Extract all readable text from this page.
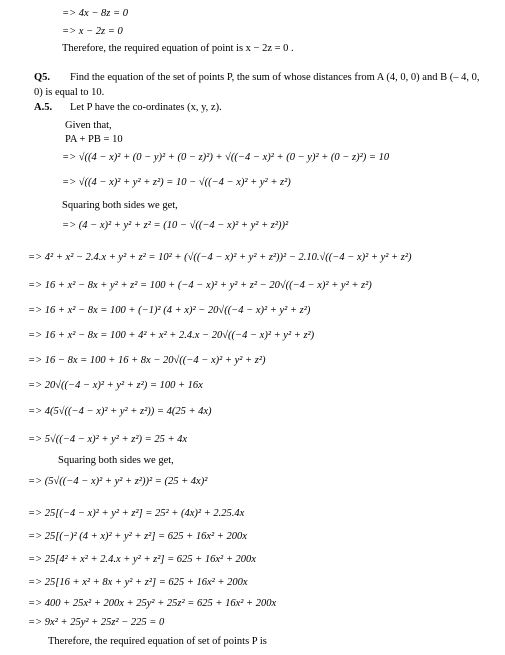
=> 4x − 8z = 0
=> x − 2z = 0
Therefore, the required equation of point is x − 2z = 0 .
Q5. Find the equation of the set of points P, the sum of whose distances from A (4, 0, 0) and B (– 4, 0,
0) is equal to 10.
A.5. Let P have the co-ordinates (x, y, z).
Given that,
PA + PB = 10
=> √((4 − x)² + (0 − y)² + (0 − z)²) + √((−4 − x)² + (0 − y)² + (0 − z)²) = 10
=> √((4 − x)² + y² + z²) = 10 − √((−4 − x)² + y² + z²)
Squaring both sides we get,
=> (4 − x)² + y² + z² = (10 − √((−4 − x)² + y² + z²))²
=> 4² + x² − 2.4.x + y² + z² = 10² + (√((−4 − x)² + y² + z²))² − 2.10.√((−4 − x)² + y² + z²)
=> 16 + x² − 8x + y² + z² = 100 + (−4 − x)² + y² + z² − 20√((−4 − x)² + y² + z²)
=> 16 + x² − 8x = 100 + (−1)² (4 + x)² − 20√((−4 − x)² + y² + z²)
=> 16 + x² − 8x = 100 + 4² + x² + 2.4.x − 20√((−4 − x)² + y² + z²)
=> 16 − 8x = 100 + 16 + 8x − 20√((−4 − x)² + y² + z²)
=> 20√((−4 − x)² + y² + z²) = 100 + 16x
=> 4(5√((−4 − x)² + y² + z²)) = 4(25 + 4x)
=> 5√((−4 − x)² + y² + z²) = 25 + 4x
Squaring both sides we get,
=> (5√((−4 − x)² + y² + z²))² = (25 + 4x)²
=> 25[(−4 − x)² + y² + z²] = 25² + (4x)² + 2.25.4x
=> 25[(−)² (4 + x)² + y² + z²] = 625 + 16x² + 200x
=> 25[4² + x² + 2.4.x + y² + z²] = 625 + 16x² + 200x
=> 25[16 + x² + 8x + y² + z²] = 625 + 16x² + 200x
=> 400 + 25x² + 200x + 25y² + 25z² = 625 + 16x² + 200x
=> 9x² + 25y² + 25z² − 225 = 0
Therefore, the required equation of set of points P is
